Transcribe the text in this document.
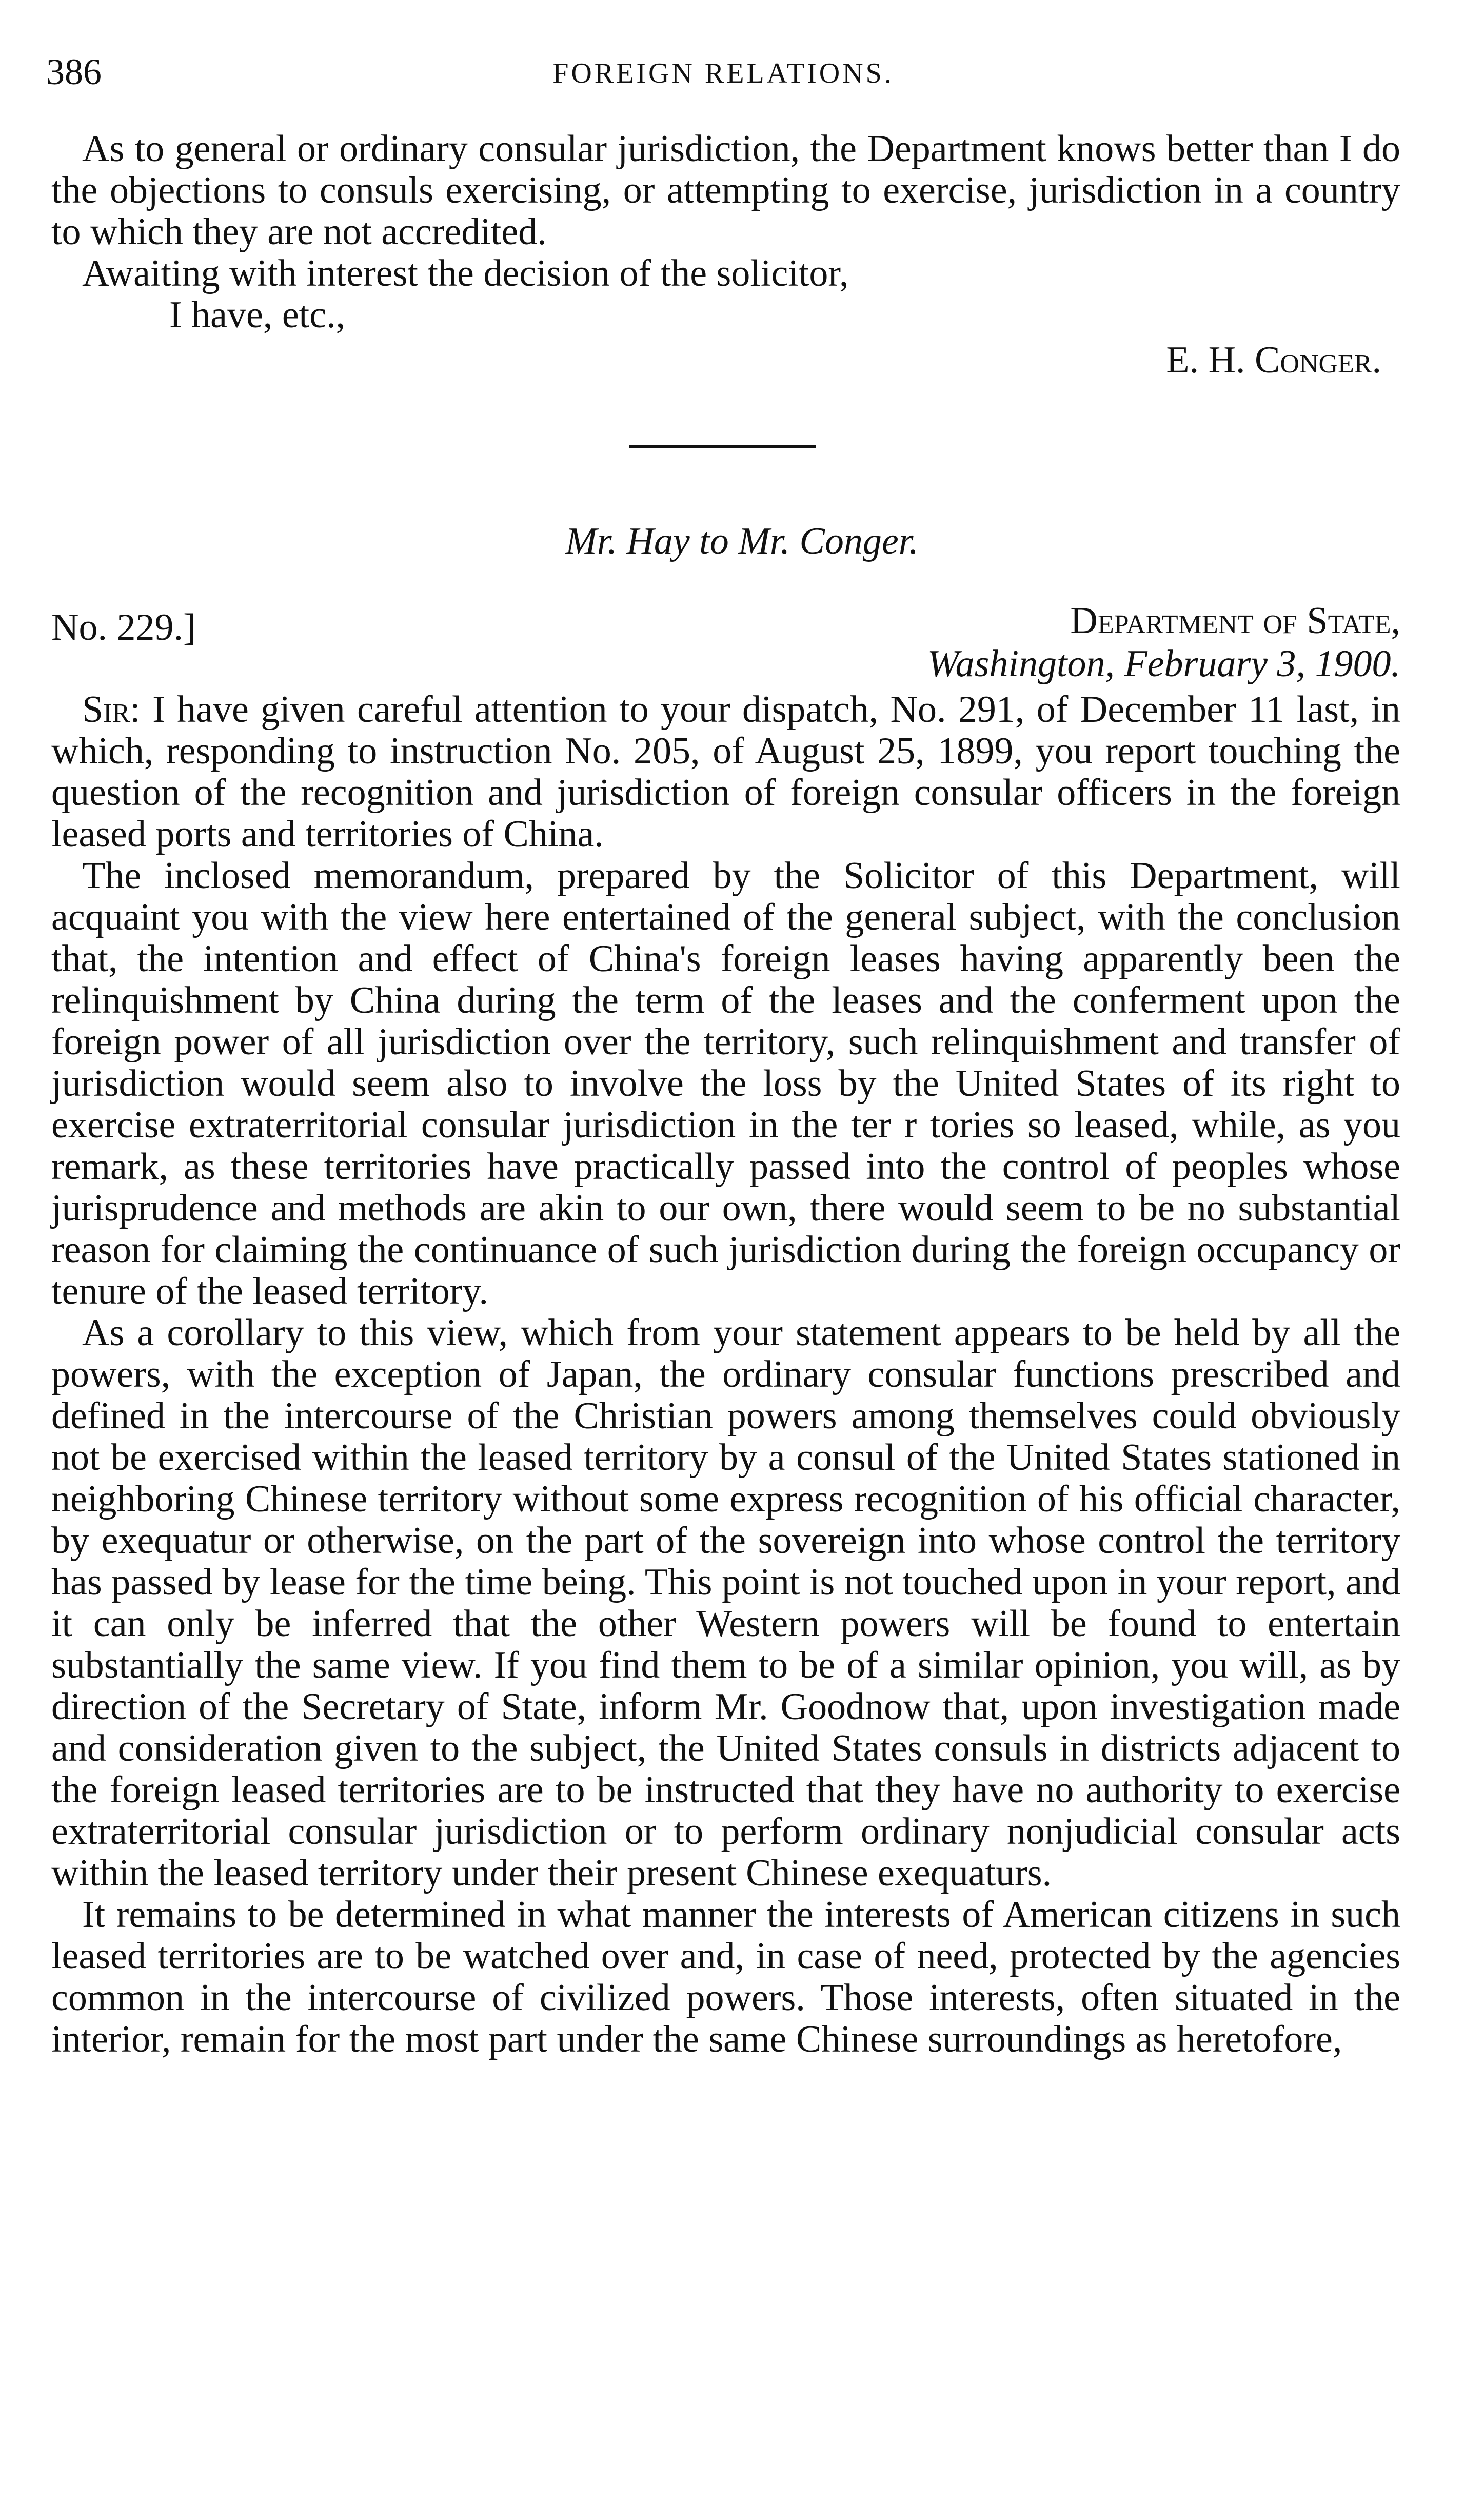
386	FOREIGN RELATIONS.

As to general or ordinary consular jurisdiction, the Department knows better than I do the objections to consuls exercising, or attempting to exercise, jurisdiction in a country to which they are not accredited.

Awaiting with interest the decision of the solicitor,

I have, etc.,

E. H. Conger.
Mr. Hay to Mr. Conger.
No. 229.]	Department of State,
Washington, February 3, 1900.

Sir: I have given careful attention to your dispatch, No. 291, of December 11 last, in which, responding to instruction No. 205, of August 25, 1899, you report touching the question of the recognition and jurisdiction of foreign consular officers in the foreign leased ports and territories of China.

The inclosed memorandum, prepared by the Solicitor of this Department, will acquaint you with the view here entertained of the general subject, with the conclusion that, the intention and effect of China's foreign leases having apparently been the relinquishment by China during the term of the leases and the conferment upon the foreign power of all jurisdiction over the territory, such relinquishment and transfer of jurisdiction would seem also to involve the loss by the United States of its right to exercise extraterritorial consular jurisdiction in the ter r tories so leased, while, as you remark, as these territories have practically passed into the control of peoples whose jurisprudence and methods are akin to our own, there would seem to be no substantial reason for claiming the continuance of such jurisdiction during the foreign occupancy or tenure of the leased territory.

As a corollary to this view, which from your statement appears to be held by all the powers, with the exception of Japan, the ordinary consular functions prescribed and defined in the intercourse of the Christian powers among themselves could obviously not be exercised within the leased territory by a consul of the United States stationed in neighboring Chinese territory without some express recognition of his official character, by exequatur or otherwise, on the part of the sovereign into whose control the territory has passed by lease for the time being. This point is not touched upon in your report, and it can only be inferred that the other Western powers will be found to entertain substantially the same view. If you find them to be of a similar opinion, you will, as by direction of the Secretary of State, inform Mr. Goodnow that, upon investigation made and consideration given to the subject, the United States consuls in districts adjacent to the foreign leased territories are to be instructed that they have no authority to exercise extraterritorial consular jurisdiction or to perform ordinary nonjudicial consular acts within the leased territory under their present Chinese exequaturs.

It remains to be determined in what manner the interests of American citizens in such leased territories are to be watched over and, in case of need, protected by the agencies common in the intercourse of civilized powers. Those interests, often situated in the interior, remain for the most part under the same Chinese surroundings as heretofore,
